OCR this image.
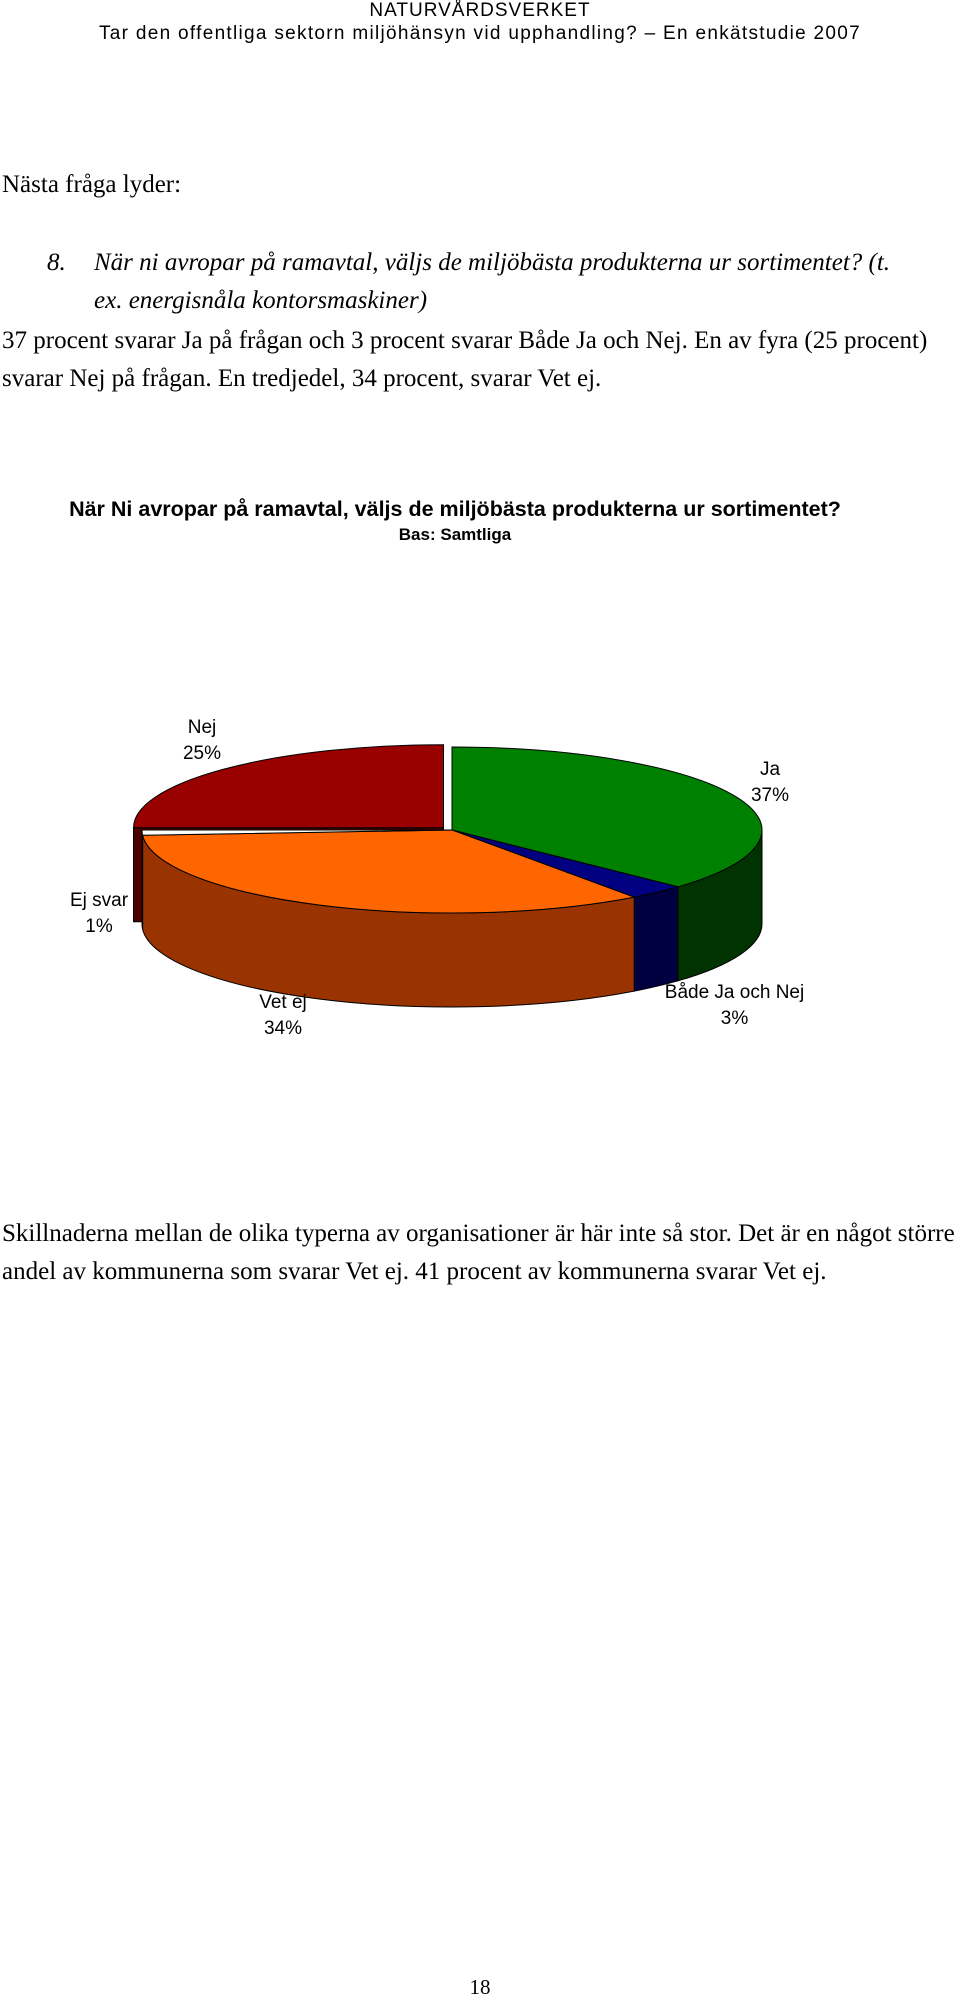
NATURVÅRDSVERKET
Tar den offentliga sektorn miljöhänsyn vid upphandling? – En enkätstudie 2007
Nästa fråga lyder:
8. När ni avropar på ramavtal, väljs de miljöbästa produkterna ur sortimentet? (t. ex. energisnåla kontorsmaskiner)
37 procent svarar Ja på frågan och 3 procent svarar Både Ja och Nej. En av fyra (25 procent) svarar Nej på frågan. En tredjedel, 34 procent, svarar Vet ej.
När Ni avropar på ramavtal, väljs de miljöbästa produkterna ur sortimentet?
Bas: Samtliga
Ja
37%
Både Ja och Nej
3%
Vet ej
34%
Ej svar
1%
Nej
25%
Skillnaderna mellan de olika typerna av organisationer är här inte så stor. Det är en något större andel av kommunerna som svarar Vet ej. 41 procent av kommunerna svarar Vet ej.
18
